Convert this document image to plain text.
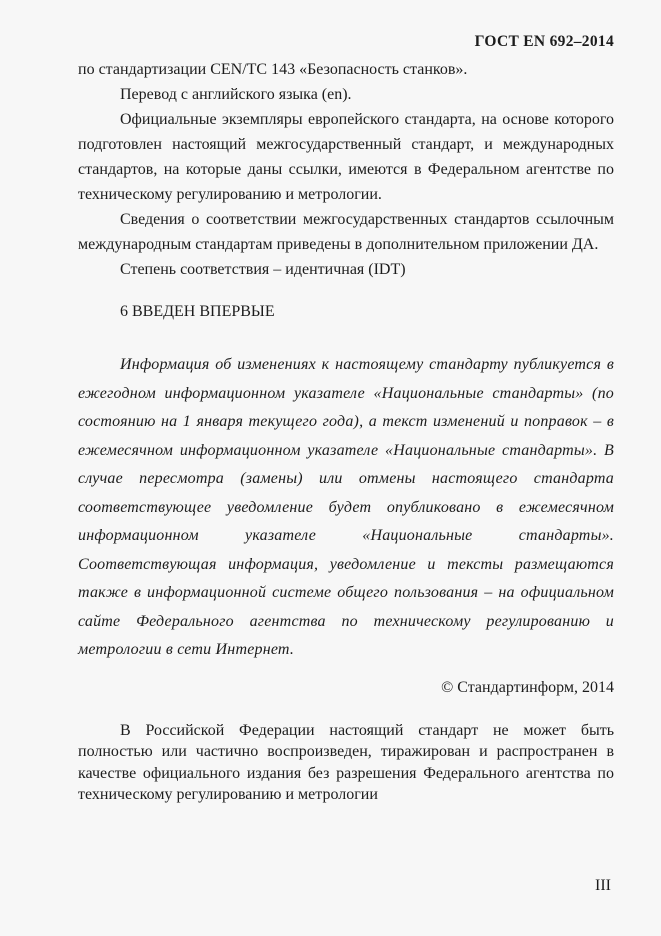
ГОСТ EN 692–2014

по стандартизации CEN/TC 143 «Безопасность станков».

Перевод с английского языка (en).

Официальные экземпляры европейского стандарта, на основе которого подготовлен настоящий межгосударственный стандарт, и международных стандартов, на которые даны ссылки, имеются в Федеральном агентстве по техническому регулированию и метрологии.

Сведения о соответствии межгосударственных стандартов ссылочным международным стандартам приведены в дополнительном приложении ДА.

Степень соответствия – идентичная (IDT)

6 ВВЕДЕН ВПЕРВЫЕ

Информация об изменениях к настоящему стандарту публикуется в ежегодном информационном указателе «Национальные стандарты» (по состоянию на 1 января текущего года), а текст изменений и поправок – в ежемесячном информационном указателе «Национальные стандарты». В случае пересмотра (замены) или отмены настоящего стандарта соответствующее уведомление будет опубликовано в ежемесячном информационном указателе «Национальные стандарты». Соответствующая информация, уведомление и тексты размещаются также в информационной системе общего пользования – на официальном сайте Федерального агентства по техническому регулированию и метрологии в сети Интернет.

© Стандартинформ, 2014

В Российской Федерации настоящий стандарт не может быть полностью или частично воспроизведен, тиражирован и распространен в качестве официального издания без разрешения Федерального агентства по техническому регулированию и метрологии

III
